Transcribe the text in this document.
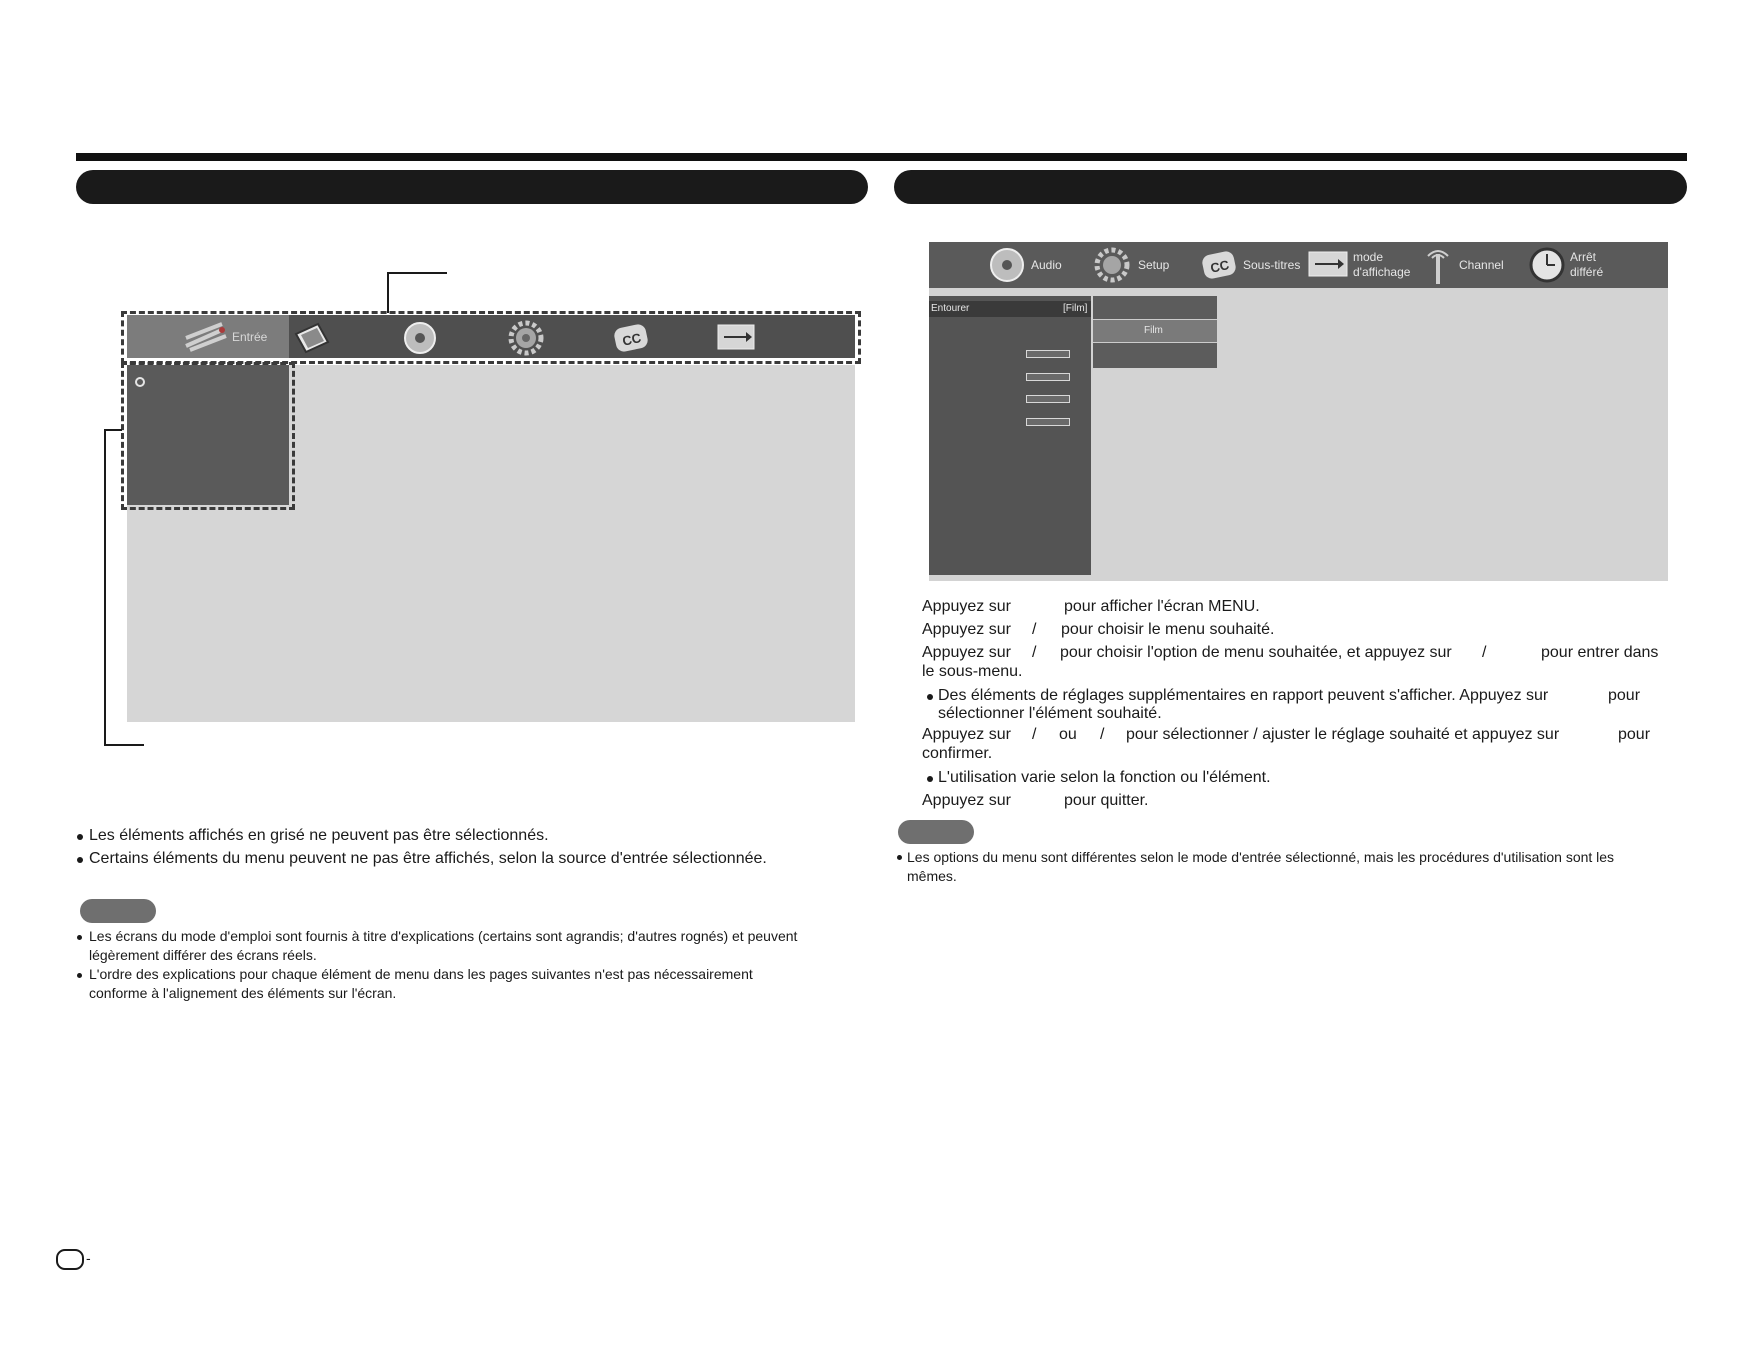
Entrée	CC
Audio	Setup	CC Sous-titres
mode
d'affichage	Channel
Arrêt
différé
Entourer	[Film]
Film
Appuyez sur	pour afficher l'écran MENU.
Appuyez sur / pour choisir le menu souhaité.
Appuyez sur / pour choisir l'option de menu souhaitée, et appuyez sur /	pour entrer dans
le sous-menu.
Des éléments de réglages supplémentaires en rapport peuvent s'afficher. Appuyez sur	pour
sélectionner l'élément souhaité.
Appuyez sur / ou / pour sélectionner / ajuster le réglage souhaité et appuyez sur	pour
confirmer.
L'utilisation varie selon la fonction ou l'élément.
Appuyez sur	pour quitter.
Les options du menu sont différentes selon le mode d'entrée sélectionné, mais les procédures d'utilisation sont les
mêmes.
Les éléments affichés en grisé ne peuvent pas être sélectionnés.
Certains éléments du menu peuvent ne pas être affichés, selon la source d'entrée sélectionnée.
Les écrans du mode d'emploi sont fournis à titre d'explications (certains sont agrandis; d'autres rognés) et peuvent
légèrement différer des écrans réels.
L'ordre des explications pour chaque élément de menu dans les pages suivantes n'est pas nécessairement
conforme à l'alignement des éléments sur l'écran.
-
